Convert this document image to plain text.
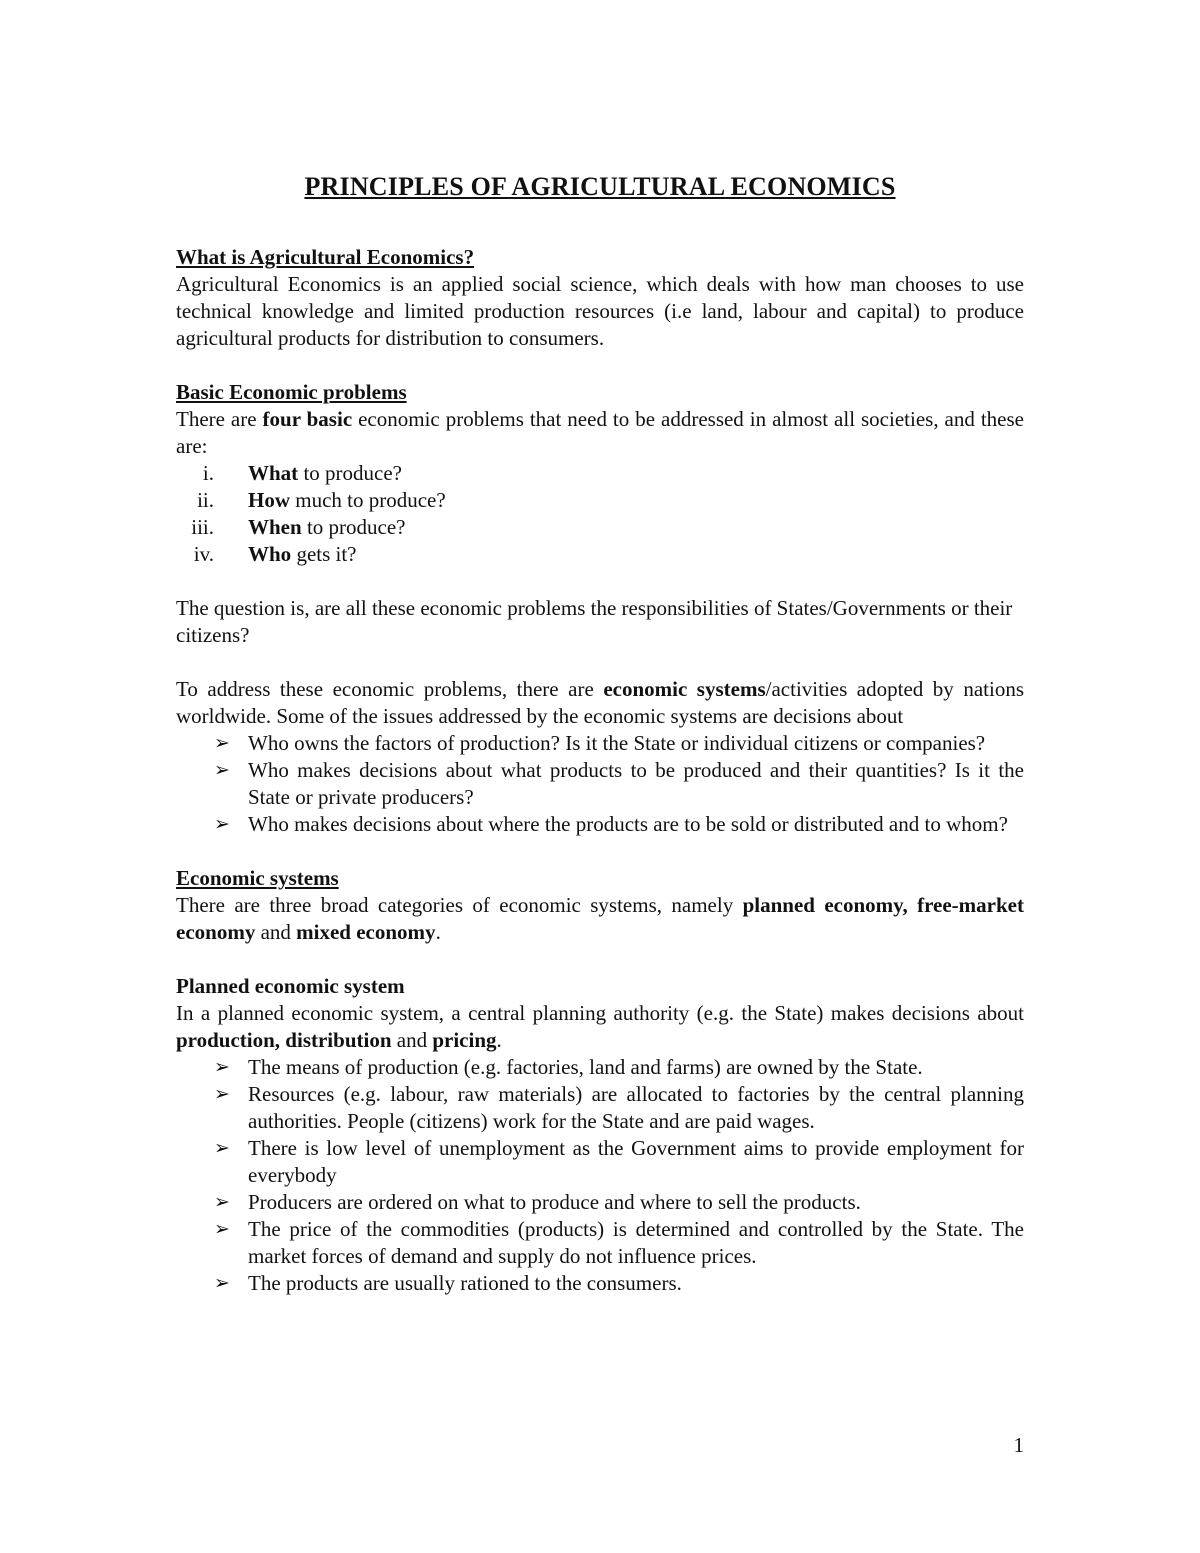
PRINCIPLES OF AGRICULTURAL ECONOMICS

What is Agricultural Economics?

Agricultural Economics is an applied social science, which deals with how man chooses to use technical knowledge and limited production resources (i.e land, labour and capital) to produce agricultural products for distribution to consumers.

Basic Economic problems

There are four basic economic problems that need to be addressed in almost all societies, and these are:

i. What to produce?
ii. How much to produce?
iii. When to produce?
iv. Who gets it?

The question is, are all these economic problems the responsibilities of States/Governments or their citizens?

To address these economic problems, there are economic systems/activities adopted by nations worldwide. Some of the issues addressed by the economic systems are decisions about

➢ Who owns the factors of production? Is it the State or individual citizens or companies?
➢ Who makes decisions about what products to be produced and their quantities? Is it the State or private producers?
➢ Who makes decisions about where the products are to be sold or distributed and to whom?

Economic systems

There are three broad categories of economic systems, namely planned economy, free-market economy and mixed economy.

Planned economic system

In a planned economic system, a central planning authority (e.g. the State) makes decisions about production, distribution and pricing.

➢ The means of production (e.g. factories, land and farms) are owned by the State.
➢ Resources (e.g. labour, raw materials) are allocated to factories by the central planning authorities. People (citizens) work for the State and are paid wages.
➢ There is low level of unemployment as the Government aims to provide employment for everybody
➢ Producers are ordered on what to produce and where to sell the products.
➢ The price of the commodities (products) is determined and controlled by the State. The market forces of demand and supply do not influence prices.
➢ The products are usually rationed to the consumers.
1
